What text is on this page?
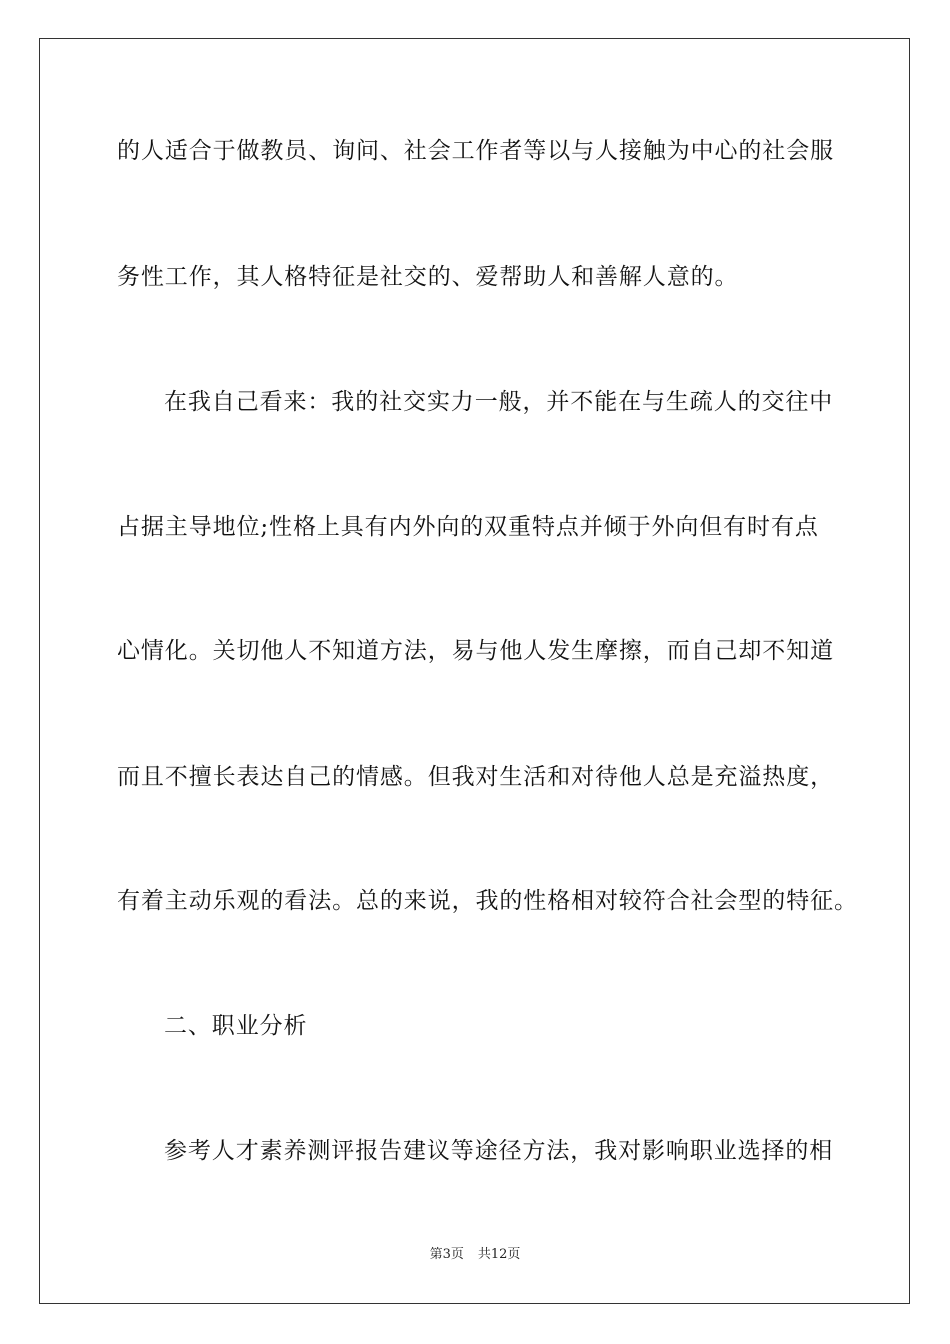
的人适合于做教员、询问、社会工作者等以与人接触为中心的社会服
务性工作，其人格特征是社交的、爱帮助人和善解人意的。
在我自己看来：我的社交实力一般，并不能在与生疏人的交往中
占据主导地位;性格上具有内外向的双重特点并倾于外向但有时有点
心情化。关切他人不知道方法，易与他人发生摩擦，而自己却不知道
而且不擅长表达自己的情感。但我对生活和对待他人总是充溢热度，
有着主动乐观的看法。总的来说，我的性格相对较符合社会型的特征。
二、职业分析
参考人才素养测评报告建议等途径方法，我对影响职业选择的相
第3页 共12页
